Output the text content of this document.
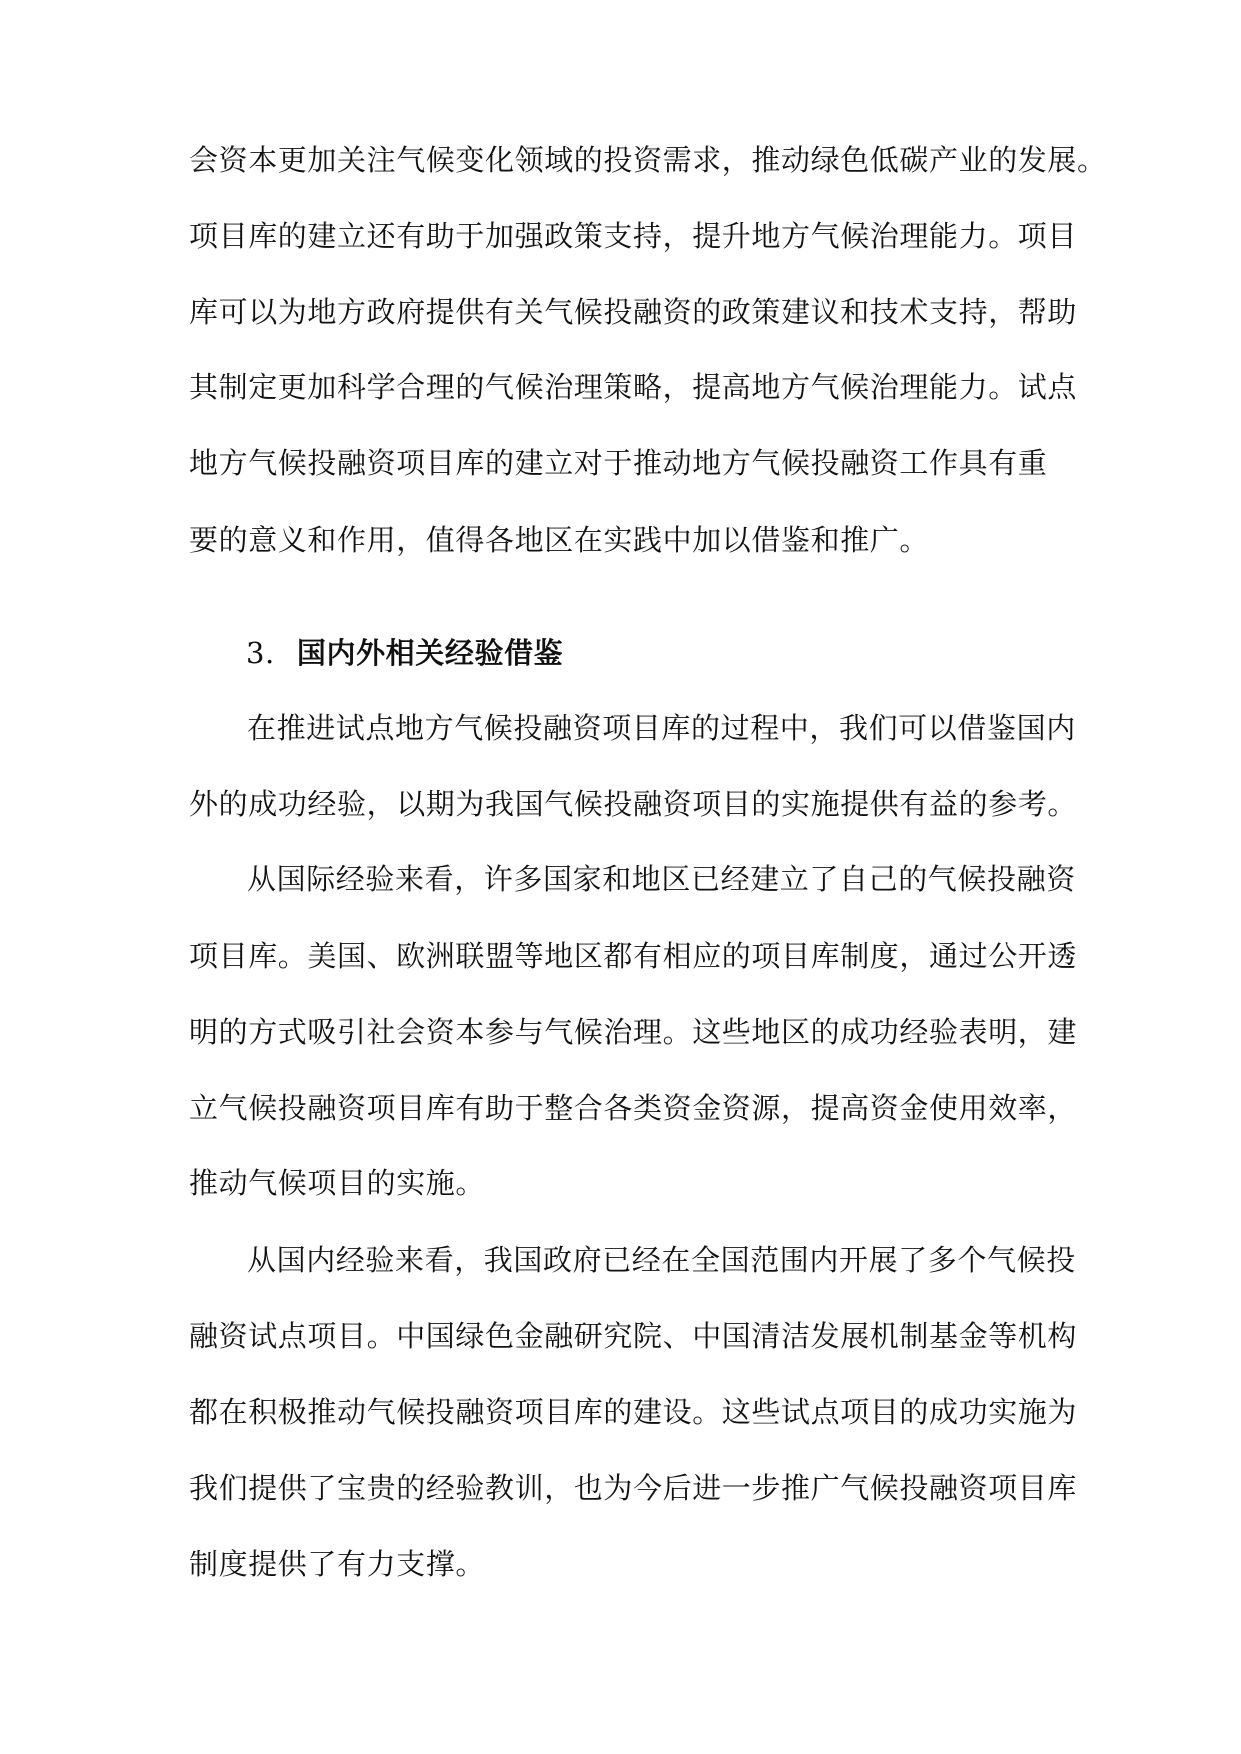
会资本更加关注气候变化领域的投资需求，推动绿色低碳产业的发展。
项目库的建立还有助于加强政策支持，提升地方气候治理能力。项目
库可以为地方政府提供有关气候投融资的政策建议和技术支持，帮助
其制定更加科学合理的气候治理策略，提高地方气候治理能力。试点
地方气候投融资项目库的建立对于推动地方气候投融资工作具有重
要的意义和作用，值得各地区在实践中加以借鉴和推广。
3. 国内外相关经验借鉴
在推进试点地方气候投融资项目库的过程中，我们可以借鉴国内
外的成功经验，以期为我国气候投融资项目的实施提供有益的参考。
从国际经验来看，许多国家和地区已经建立了自己的气候投融资
项目库。美国、欧洲联盟等地区都有相应的项目库制度，通过公开透
明的方式吸引社会资本参与气候治理。这些地区的成功经验表明，建
立气候投融资项目库有助于整合各类资金资源，提高资金使用效率，
推动气候项目的实施。
从国内经验来看，我国政府已经在全国范围内开展了多个气候投
融资试点项目。中国绿色金融研究院、中国清洁发展机制基金等机构
都在积极推动气候投融资项目库的建设。这些试点项目的成功实施为
我们提供了宝贵的经验教训，也为今后进一步推广气候投融资项目库
制度提供了有力支撑。
